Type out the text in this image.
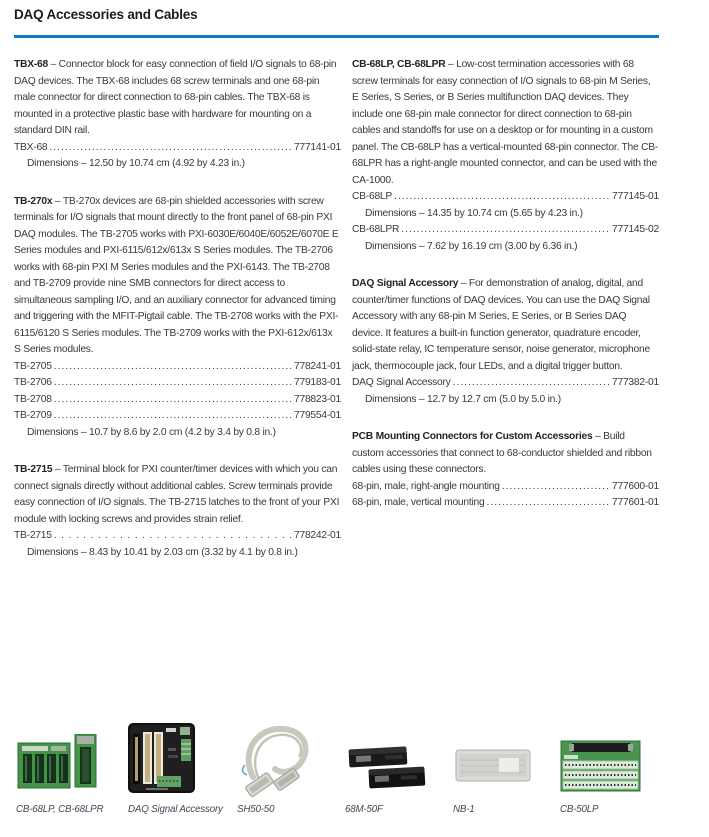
DAQ Accessories and Cables

TBX-68 – Connector block for easy connection of field I/O signals to 68-pin DAQ devices. The TBX-68 includes 68 screw terminals and one 68-pin male connector for direct connection to 68-pin cables. The TBX-68 is mounted in a protective plastic base with hardware for mounting on a standard DIN rail.

TBX-68 .....	777141-01
Dimensions – 12.50 by 10.74 cm (4.92 by 4.23 in.)

TB-270x – TB-270x devices are 68-pin shielded accessories with screw terminals for I/O signals that mount directly to the front panel of 68-pin PXI DAQ modules. The TB-2705 works with PXI-6030E/6040E/6052E/6070E E Series modules and PXI-6115/612x/613x S Series modules. The TB-2706 works with 68-pin PXI M Series modules and the PXI-6143. The TB-2708 and TB-2709 provide nine SMB connectors for direct access to simultaneous sampling I/O, and an auxiliary connector for advanced timing and triggering with the MFIT-Pigtail cable. The TB-2708 works with the PXI-6115/6120 S Series modules. The TB-2709 works with the PXI-612x/613x S Series modules.

TB-2705 .....	778241-01
TB-2706 .....	779183-01
TB-2708 .....	778823-01
TB-2709 .....	779554-01
Dimensions – 10.7 by 8.6 by 2.0 cm (4.2 by 3.4 by 0.8 in.)

TB-2715 – Terminal block for PXI counter/timer devices with which you can connect signals directly without additional cables. Screw terminals provide easy connection of I/O signals. The TB-2715 latches to the front of your PXI module with locking screws and provides strain relief.

TB-2715 .....	778242-01
Dimensions – 8.43 by 10.41 by 2.03 cm (3.32 by 4.1 by 0.8 in.)

CB-68LP, CB-68LPR – Low-cost termination accessories with 68 screw terminals for easy connection of I/O signals to 68-pin M Series, E Series, S Series, or B Series multifunction DAQ devices. They include one 68-pin male connector for direct connection to 68-pin cables and standoffs for use on a desktop or for mounting in a custom panel. The CB-68LP has a vertical-mounted 68-pin connector. The CB-68LPR has a right-angle mounted connector, and can be used with the CA-1000.

CB-68LP .....	777145-01
Dimensions – 14.35 by 10.74 cm (5.65 by 4.23 in.)
CB-68LPR .....	777145-02
Dimensions – 7.62 by 16.19 cm (3.00 by 6.36 in.)

DAQ Signal Accessory – For demonstration of analog, digital, and counter/timer functions of DAQ devices. You can use the DAQ Signal Accessory with any 68-pin M Series, E Series, or B Series DAQ device. It features a built-in function generator, quadrature encoder, solid-state relay, IC temperature sensor, noise generator, microphone jack, thermocouple jack, four LEDs, and a digital trigger button.

DAQ Signal Accessory .....	777382-01
Dimensions – 12.7 by 12.7 cm (5.0 by 5.0 in.)

PCB Mounting Connectors for Custom Accessories – Build custom accessories that connect to 68-conductor shielded and ribbon cables using these connectors.

68-pin, male, right-angle mounting .....	777600-01
68-pin, male, vertical mounting .....	777601-01
CB-68LP, CB-68LPR	DAQ Signal Accessory SH50-50	68M-50F	NB-1	CB-50LP
